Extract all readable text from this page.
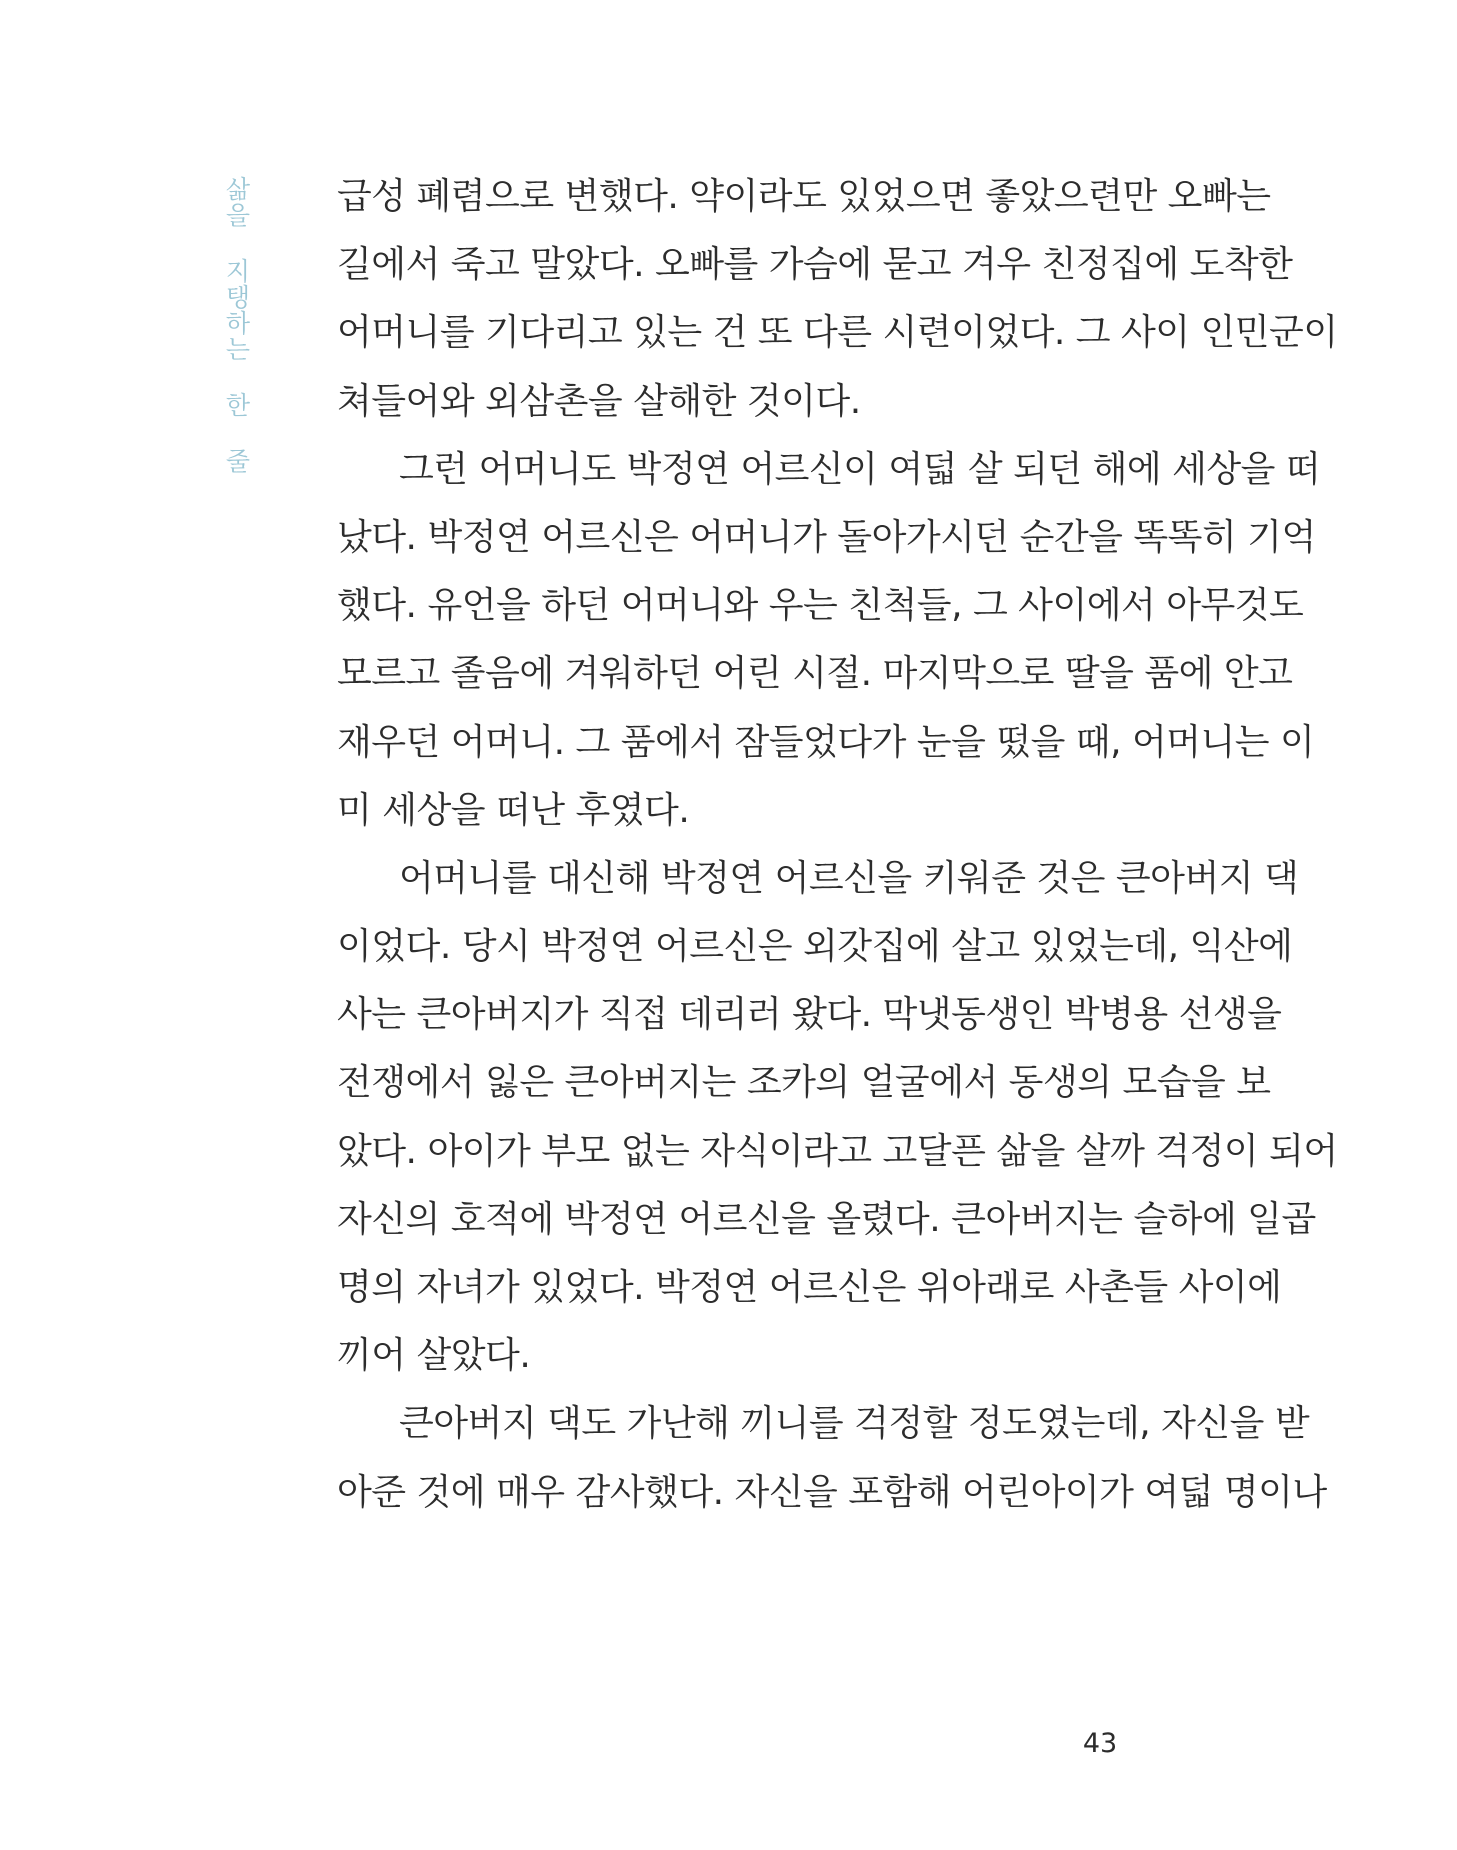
삶을 지탱하는 한 줄 급성 폐렴으로 변했다. 약이라도 있었으면 좋았으련만 오빠는
길에서 죽고 말았다. 오빠를 가슴에 묻고 겨우 친정집에 도착한
어머니를 기다리고 있는 건 또 다른 시련이었다. 그 사이 인민군이
쳐들어와 외삼촌을 살해한 것이다.
그런 어머니도 박정연 어르신이 여덟 살 되던 해에 세상을 떠
났다. 박정연 어르신은 어머니가 돌아가시던 순간을 똑똑히 기억
했다. 유언을 하던 어머니와 우는 친척들, 그 사이에서 아무것도
모르고 졸음에 겨워하던 어린 시절. 마지막으로 딸을 품에 안고
재우던 어머니. 그 품에서 잠들었다가 눈을 떴을 때, 어머니는 이
미 세상을 떠난 후였다.
어머니를 대신해 박정연 어르신을 키워준 것은 큰아버지 댁
이었다. 당시 박정연 어르신은 외갓집에 살고 있었는데, 익산에
사는 큰아버지가 직접 데리러 왔다. 막냇동생인 박병용 선생을
전쟁에서 잃은 큰아버지는 조카의 얼굴에서 동생의 모습을 보
았다. 아이가 부모 없는 자식이라고 고달픈 삶을 살까 걱정이 되어
자신의 호적에 박정연 어르신을 올렸다. 큰아버지는 슬하에 일곱
명의 자녀가 있었다. 박정연 어르신은 위아래로 사촌들 사이에
끼어 살았다.
큰아버지 댁도 가난해 끼니를 걱정할 정도였는데, 자신을 받
아준 것에 매우 감사했다. 자신을 포함해 어린아이가 여덟 명이나
43
